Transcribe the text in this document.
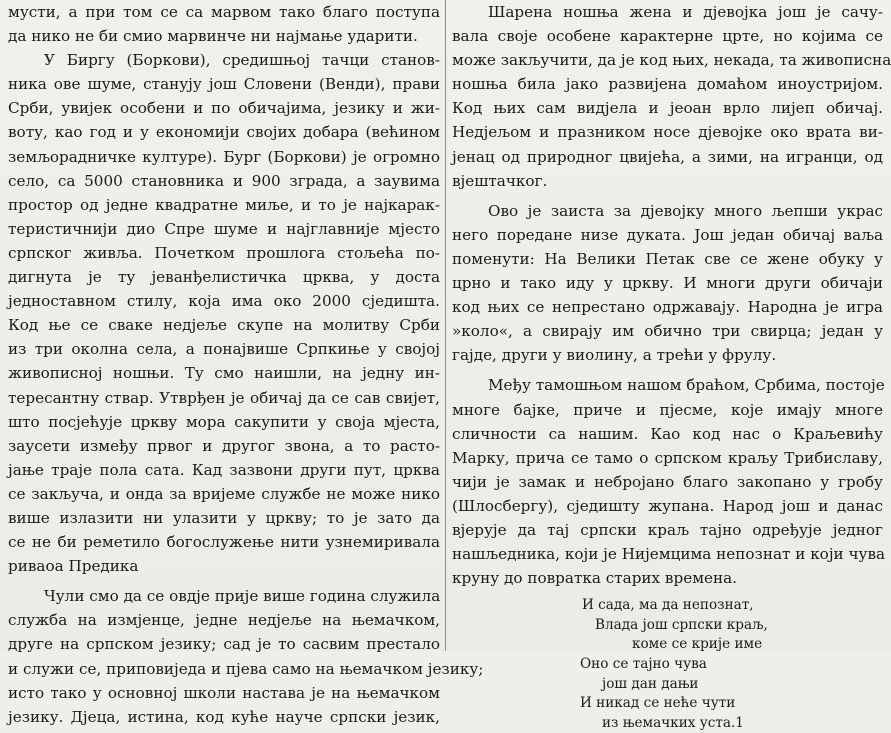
мусти, а при том се са марвом тако благо поступа
да нико не би смио марвинче ни најмање ударити.
У Биргу (Боркови), средишњој тачци станов-
ника ове шуме, станују још Словени (Венди), прави
Срби, увијек особени и по обичајима, језику и жи-
воту, као год и у економији својих добара (већином
земљорадничке културе). Бург (Боркови) је огромно
село, са 5000 становника и 900 зграда, а заувима
простор од једне квадратне миље, и то је најкарак-
теристичнији дио Спре шуме и најглавније мјесто
српског живља. Почетком прошлога стољећа по-
дигнута је ту јеванђелистичка црква, у доста
једноставном стилу, која има око 2000 сједишта.
Код ње се сваке недјеље скупе на молитву Срби
из три околна села, а понајвише Српкиње у својој
живописној ношњи. Ту смо наишли, на једну ин-
тересантну ствар. Утврђен је обичај да се сав свијет,
што посјећује цркву мора сакупити у своја мјеста,
заусети између првог и другог звона, а то расто-
јање траје пола сата. Кад зазвони други пут, црква
се закључа, и онда за вријеме службе не може нико
више излазити ни улазити у цркву; то је зато да
се не би реметило богослужење нити узнемиривала
риваоа Предика
Чули смо да се овдје прије више година служила
служба на измјенце, једне недјеље на њемачком,
друге на српском језику; сад је то сасвим престало
и служи се, приповиједа и пјева само на њемачком језику;
исто тако у основној школи настава је на њемачком
језику. Дјеца, истина, код куће науче српски језик,
Шарена ношња жена и дјевојка још је сачу-
вала своје особене карактерне црте, но којима се
може закључити, да је код њих, некада, та живописна
ношња била јако развијена домаћом иноустријом.
Код њих сам видјела и јеоан врло лијеп обичај.
Недјељом и празником носе дјевојке око врата ви-
јенац од природног цвијећа, а зими, на игранци, од
вјештачког.
Ово је заиста за дјевојку много љепши украс
него поредане низе дуката. Још један обичај ваља
поменути: На Велики Петак све се жене обуку у
црно и тако иду у цркву. И многи други обичаји
код њих се непрестано одржавају. Народна је игра
»коло«, а свирају им обично три свирца; један у
гајде, други у виолину, а трећи у фрулу.
Међу тамошњом нашом браћом, Србима, постоје
многе бајке, приче и пјесме, које имају многе
сличности са нашим. Као код нас о Краљевићу
Марку, прича се тамо о српском краљу Трибиславу,
чији је замак и небројано благо закопано у гробу
(Шлосбергу), сједишту жупана. Народ још и данас
вјерује да тај српски краљ тајно одређује једног
нашљедника, који је Нијемцима непознат и који чува
круну до повратка старих времена.
И сада, ма да непознат,
Влада још српски краљ,
коме се крије име
Оно се тајно чува
још дан дањи
И никад се неће чути
из њемачких уста.1
